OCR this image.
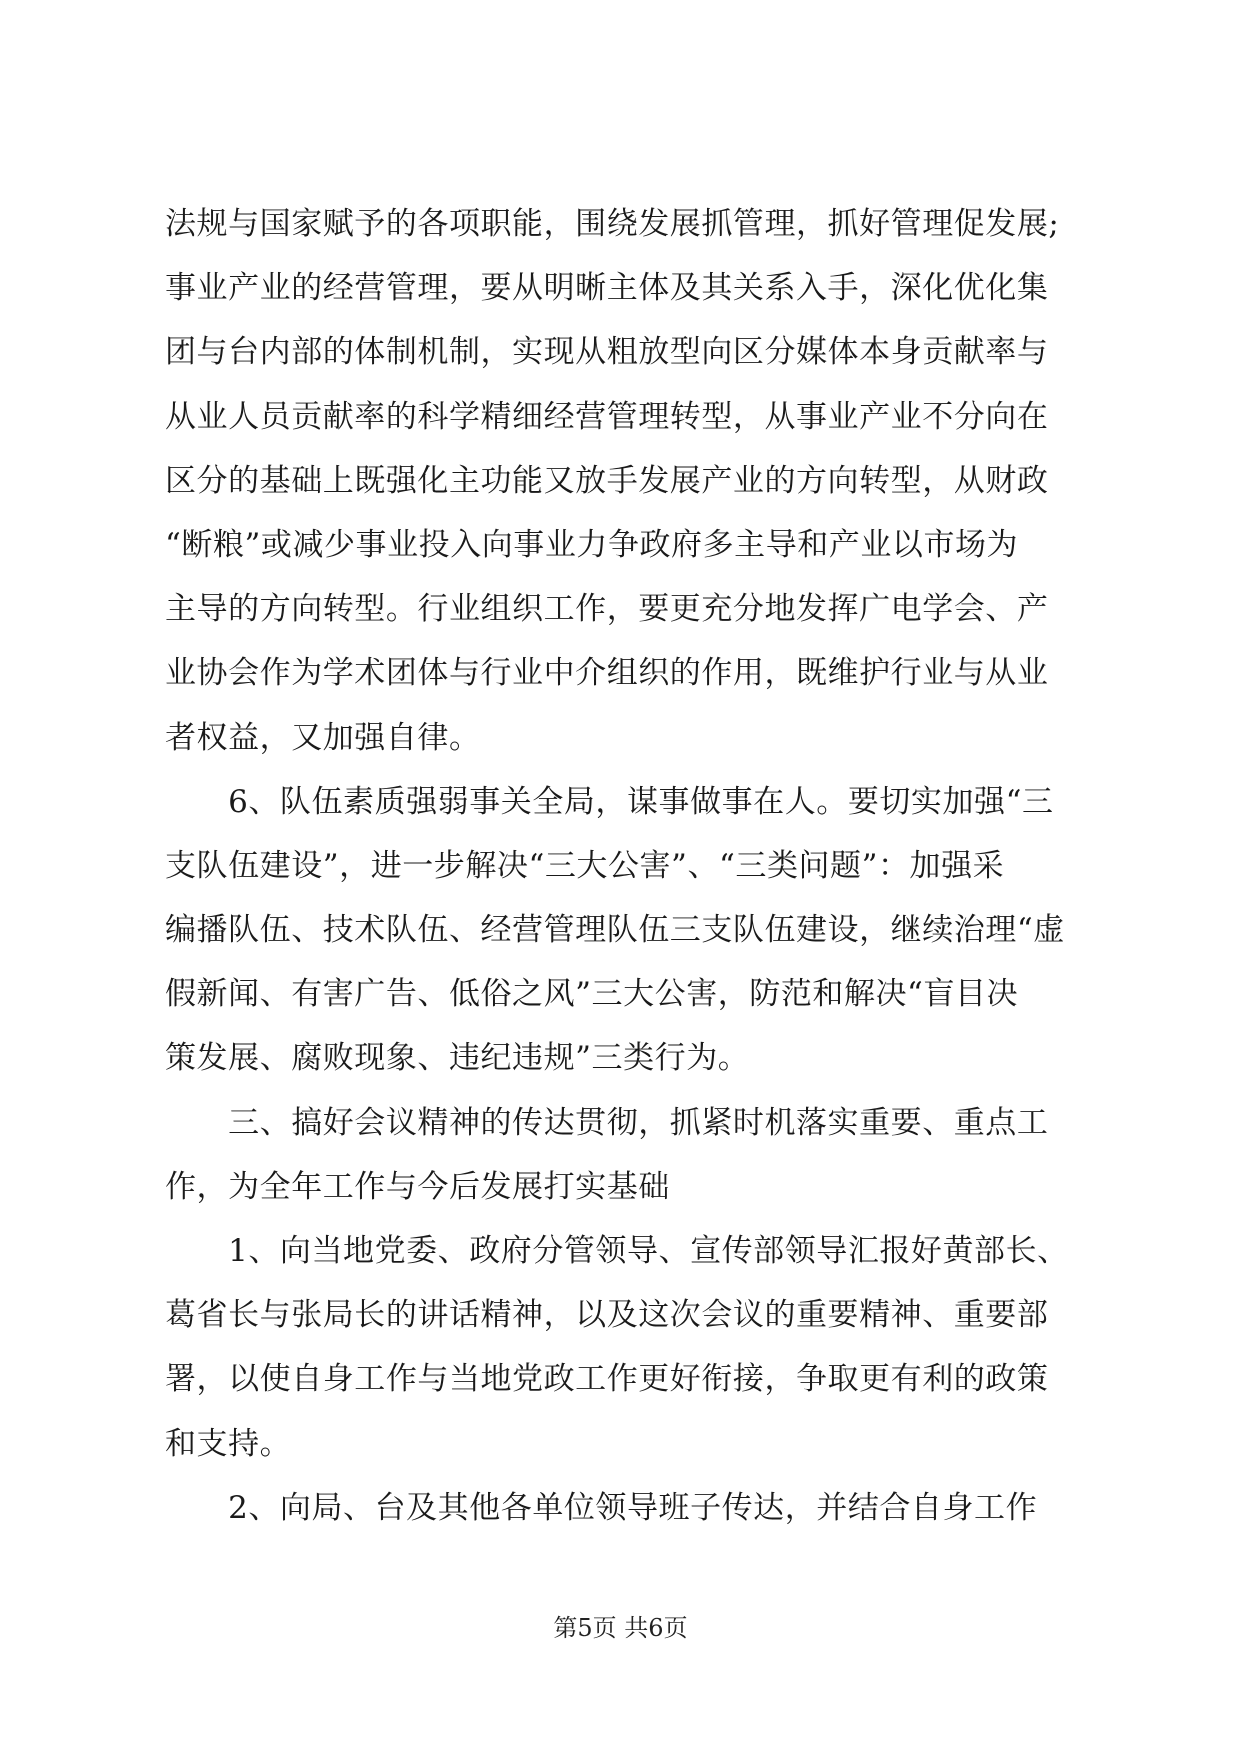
法规与国家赋予的各项职能，围绕发展抓管理，抓好管理促发展;
事业产业的经营管理，要从明晰主体及其关系入手，深化优化集
团与台内部的体制机制，实现从粗放型向区分媒体本身贡献率与
从业人员贡献率的科学精细经营管理转型，从事业产业不分向在
区分的基础上既强化主功能又放手发展产业的方向转型，从财政
“断粮”或减少事业投入向事业力争政府多主导和产业以市场为
主导的方向转型。行业组织工作，要更充分地发挥广电学会、产
业协会作为学术团体与行业中介组织的作用，既维护行业与从业
者权益，又加强自律。
　　6、队伍素质强弱事关全局，谋事做事在人。要切实加强“三
支队伍建设”，进一步解决“三大公害”、“三类问题”：加强采
编播队伍、技术队伍、经营管理队伍三支队伍建设，继续治理“虚
假新闻、有害广告、低俗之风”三大公害，防范和解决“盲目决
策发展、腐败现象、违纪违规”三类行为。
　　三、搞好会议精神的传达贯彻，抓紧时机落实重要、重点工
作，为全年工作与今后发展打实基础
　　1、向当地党委、政府分管领导、宣传部领导汇报好黄部长、
葛省长与张局长的讲话精神，以及这次会议的重要精神、重要部
署，以使自身工作与当地党政工作更好衔接，争取更有利的政策
和支持。
　　2、向局、台及其他各单位领导班子传达，并结合自身工作
第5页 共6页
